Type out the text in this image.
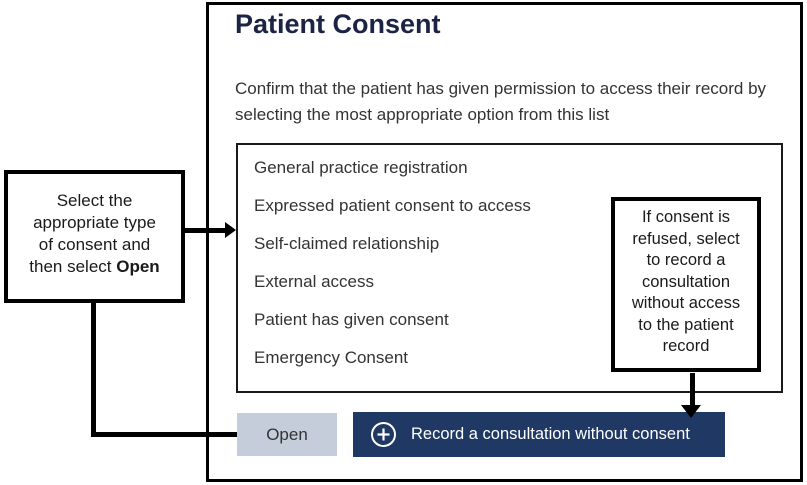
Patient Consent
Confirm that the patient has given permission to access their record by selecting the most appropriate option from this list
General practice registration
Expressed patient consent to access
Self-claimed relationship
External access
Patient has given consent
Emergency Consent
If consent is
refused, select
to record a
consultation
without access
to the patient
record
Open	Record a consultation without consent
Select the
appropriate type
of consent and
then select Open
